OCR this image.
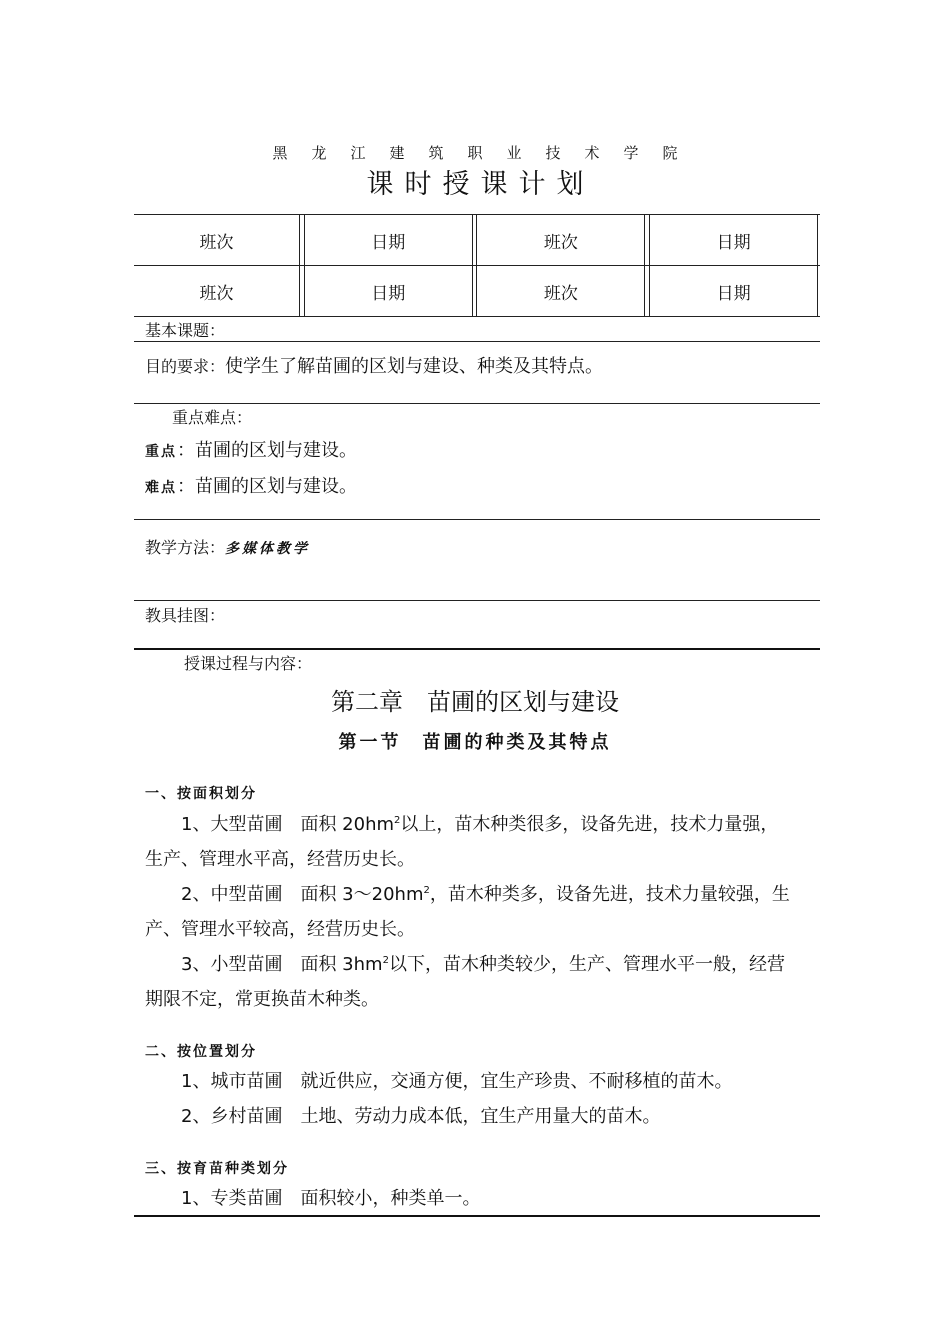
黑龙江建筑职业技术学院
课时授课计划
班次		日期		班次		日期	
班次		日期		班次		日期	
基本课题：
目的要求：使学生了解苗圃的区划与建设、种类及其特点。
重点难点：
重点：苗圃的区划与建设。
难点：苗圃的区划与建设。
教学方法：多媒体教学
教具挂图：
授课过程与内容：
第二章　苗圃的区划与建设
第一节　苗圃的种类及其特点
一、按面积划分
1、大型苗圃　面积 $20hm^2$以上，苗木种类很多，设备先进，技术力量强，
生产、管理水平高，经营历史长。
2、中型苗圃　面积 $3\sim 20hm^2$，苗木种类多，设备先进，技术力量较强，生
产、管理水平较高，经营历史长。
3、小型苗圃　面积 $3hm^2$以下，苗木种类较少，生产、管理水平一般，经营
期限不定，常更换苗木种类。
二、按位置划分
1、城市苗圃　就近供应，交通方便，宜生产珍贵、不耐移植的苗木。
2、乡村苗圃　土地、劳动力成本低，宜生产用量大的苗木。
三、按育苗种类划分
1、专类苗圃　面积较小，种类单一。
